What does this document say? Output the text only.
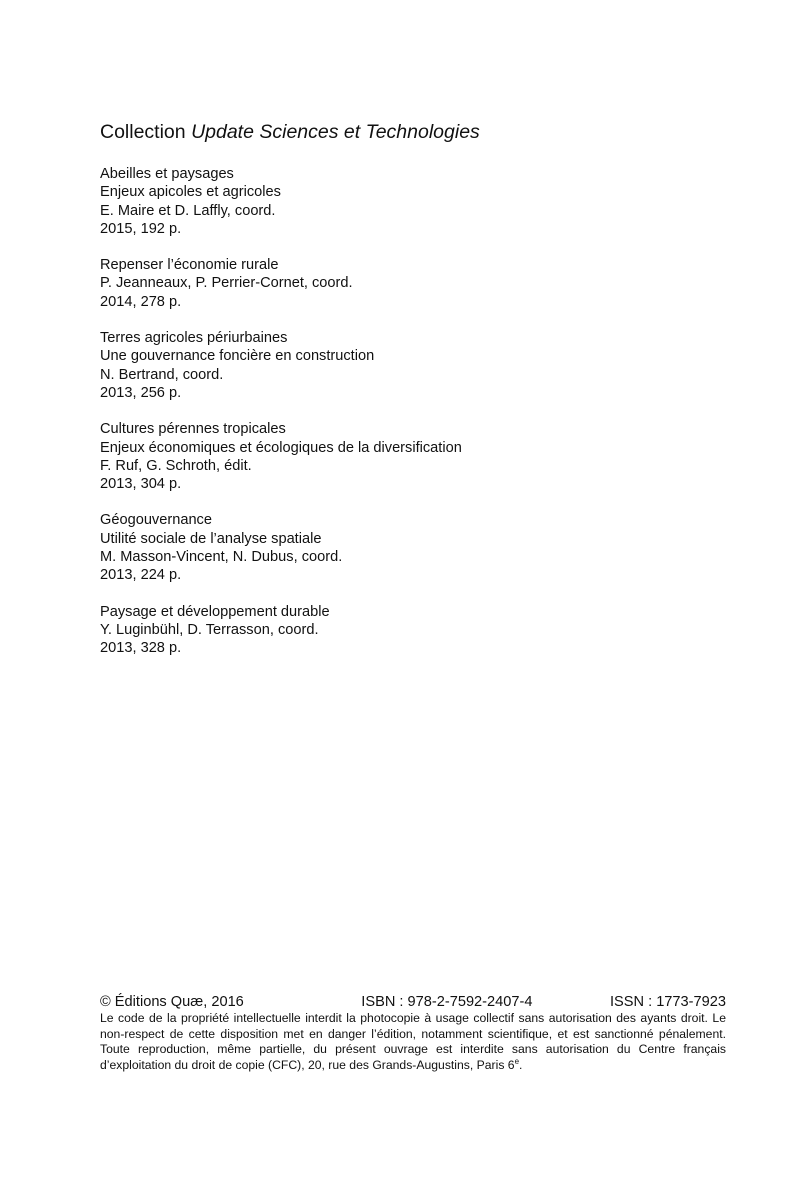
Collection Update Sciences et Technologies
Abeilles et paysages
Enjeux apicoles et agricoles
E. Maire et D. Laffly, coord.
2015, 192 p.
Repenser l’économie rurale
P. Jeanneaux, P. Perrier-Cornet, coord.
2014, 278 p.
Terres agricoles périurbaines
Une gouvernance foncière en construction
N. Bertrand, coord.
2013, 256 p.
Cultures pérennes tropicales
Enjeux économiques et écologiques de la diversification
F. Ruf, G. Schroth, édit.
2013, 304 p.
Géogouvernance
Utilité sociale de l’analyse spatiale
M. Masson-Vincent, N. Dubus, coord.
2013, 224 p.
Paysage et développement durable
Y. Luginbühl, D. Terrasson, coord.
2013, 328 p.
© Éditions Quæ, 2016	ISBN : 978-2-7592-2407-4	ISSN : 1773-7923

Le code de la propriété intellectuelle interdit la photocopie à usage collectif sans autorisation des ayants droit. Le non-respect de cette disposition met en danger l’édition, notamment scientifique, et est sanctionné pénalement. Toute reproduction, même partielle, du présent ouvrage est interdite sans autorisation du Centre français d’exploitation du droit de copie (CFC), 20, rue des Grands-Augustins, Paris 6e.
